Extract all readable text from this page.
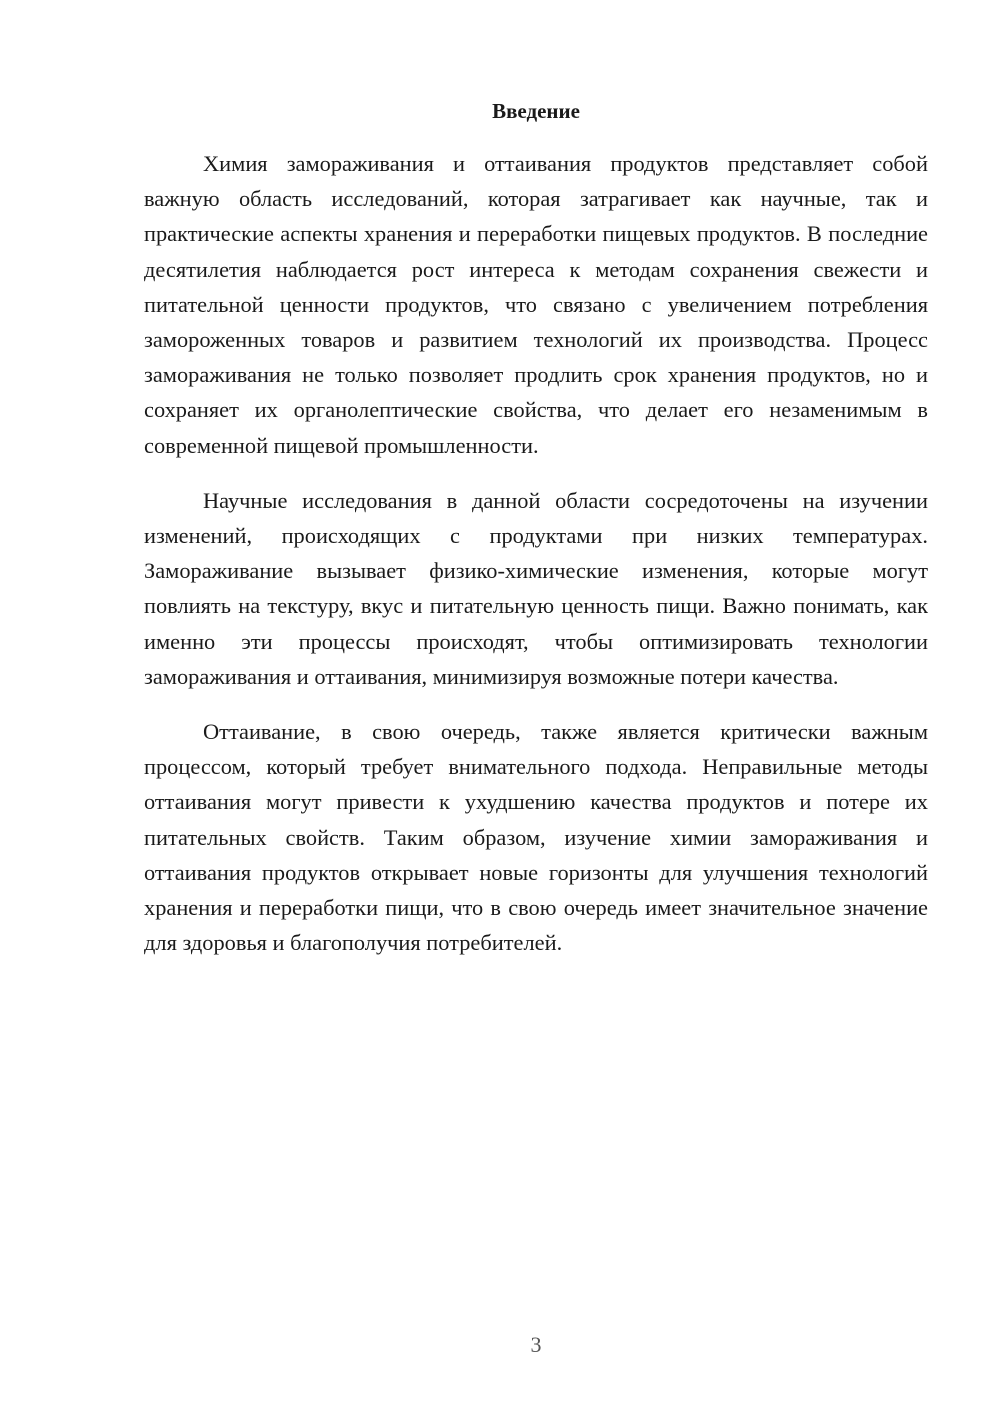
Введение

Химия замораживания и оттаивания продуктов представляет собой важную область исследований, которая затрагивает как научные, так и практические аспекты хранения и переработки пищевых продуктов. В последние десятилетия наблюдается рост интереса к методам сохранения свежести и питательной ценности продуктов, что связано с увеличением потребления замороженных товаров и развитием технологий их производства. Процесс замораживания не только позволяет продлить срок хранения продуктов, но и сохраняет их органолептические свойства, что делает его незаменимым в современной пищевой промышленности.

Научные исследования в данной области сосредоточены на изучении изменений, происходящих с продуктами при низких температурах. Замораживание вызывает физико-химические изменения, которые могут повлиять на текстуру, вкус и питательную ценность пищи. Важно понимать, как именно эти процессы происходят, чтобы оптимизировать технологии замораживания и оттаивания, минимизируя возможные потери качества.

Оттаивание, в свою очередь, также является критически важным процессом, который требует внимательного подхода. Неправильные методы оттаивания могут привести к ухудшению качества продуктов и потере их питательных свойств. Таким образом, изучение химии замораживания и оттаивания продуктов открывает новые горизонты для улучшения технологий хранения и переработки пищи, что в свою очередь имеет значительное значение для здоровья и благополучия потребителей.

3
